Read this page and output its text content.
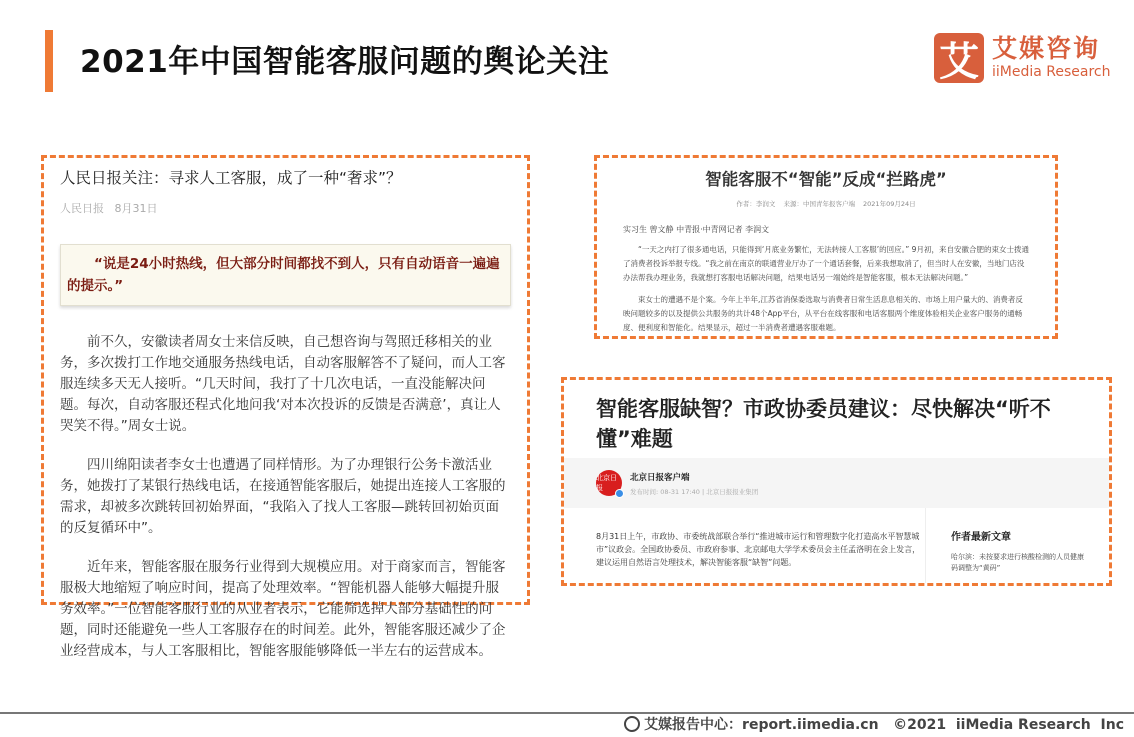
2021年中国智能客服问题的舆论关注	艾 艾媒咨询
iiMedia Research
人民日报关注：寻求人工客服，成了一种“奢求”？
人民日报 8月31日
“说是24小时热线，但大部分时间都找不到人，只有自动语音一遍遍的提示。”

前不久，安徽读者周女士来信反映，自己想咨询与驾照迁移相关的业务，多次拨打工作地交通服务热线电话，自动客服解答不了疑问，而人工客服连续多天无人接听。“几天时间，我打了十几次电话，一直没能解决问题。每次，自动客服还程式化地问我‘对本次投诉的反馈是否满意’，真让人哭笑不得。”周女士说。

四川绵阳读者李女士也遭遇了同样情形。为了办理银行公务卡激活业务，她拨打了某银行热线电话，在接通智能客服后，她提出连接人工客服的需求，却被多次跳转回初始界面，“我陷入了找人工客服—跳转回初始页面的反复循环中”。

近年来，智能客服在服务行业得到大规模应用。对于商家而言，智能客服极大地缩短了响应时间，提高了处理效率。“智能机器人能够大幅提升服务效率。”一位智能客服行业的从业者表示，它能筛选掉大部分基础性的问题，同时还能避免一些人工客服存在的时间差。此外，智能客服还减少了企业经营成本，与人工客服相比，智能客服能够降低一半左右的运营成本。

智能客服不“智能”反成“拦路虎”
作者：李润文 来源：中国青年报客户端 2021年09月24日
实习生 曾文静 中青报·中青网记者 李润文

“一天之内打了很多通电话，只能得到‘月底业务繁忙，无法转接人工客服’的回应。” 9月初，来自安徽合肥的束女士拨通了消费者投诉举报专线。“我之前在南京的联通营业厅办了一个通话套餐，后来我想取消了，但当时人在安徽，当地门店没办法帮我办理业务，我就想打客服电话解决问题，结果电话另一端始终是智能客服，根本无法解决问题。”

束女士的遭遇不是个案。今年上半年,江苏省消保委选取与消费者日常生活息息相关的、市场上用户量大的、消费者反映问题较多的以及提供公共服务的共计48个App平台，从平台在线客服和电话客服两个维度体验相关企业客户服务的通畅度、便利度和智能化。结果显示，超过一半消费者遭遇客服难题。

智能客服缺智？市政协委员建议：尽快解决“听不懂”难题
北京日报
北京日报客户端
发布时间: 08-31 17:40 | 北京日报报业集团
8月31日上午，市政协、市委统战部联合举行“推进城市运行和管理数字化打造高水平智慧城市”议政会。全国政协委员、市政府参事、北京邮电大学学术委员会主任孟洛明在会上发言，建议运用自然语言处理技术，解决智能客服“缺智”问题。
作者最新文章
哈尔滨：未按要求进行核酸检测的人员健康码调整为“黄码”
艾媒报告中心：report.iimedia.cn   ©2021  iiMedia Research  Inc
